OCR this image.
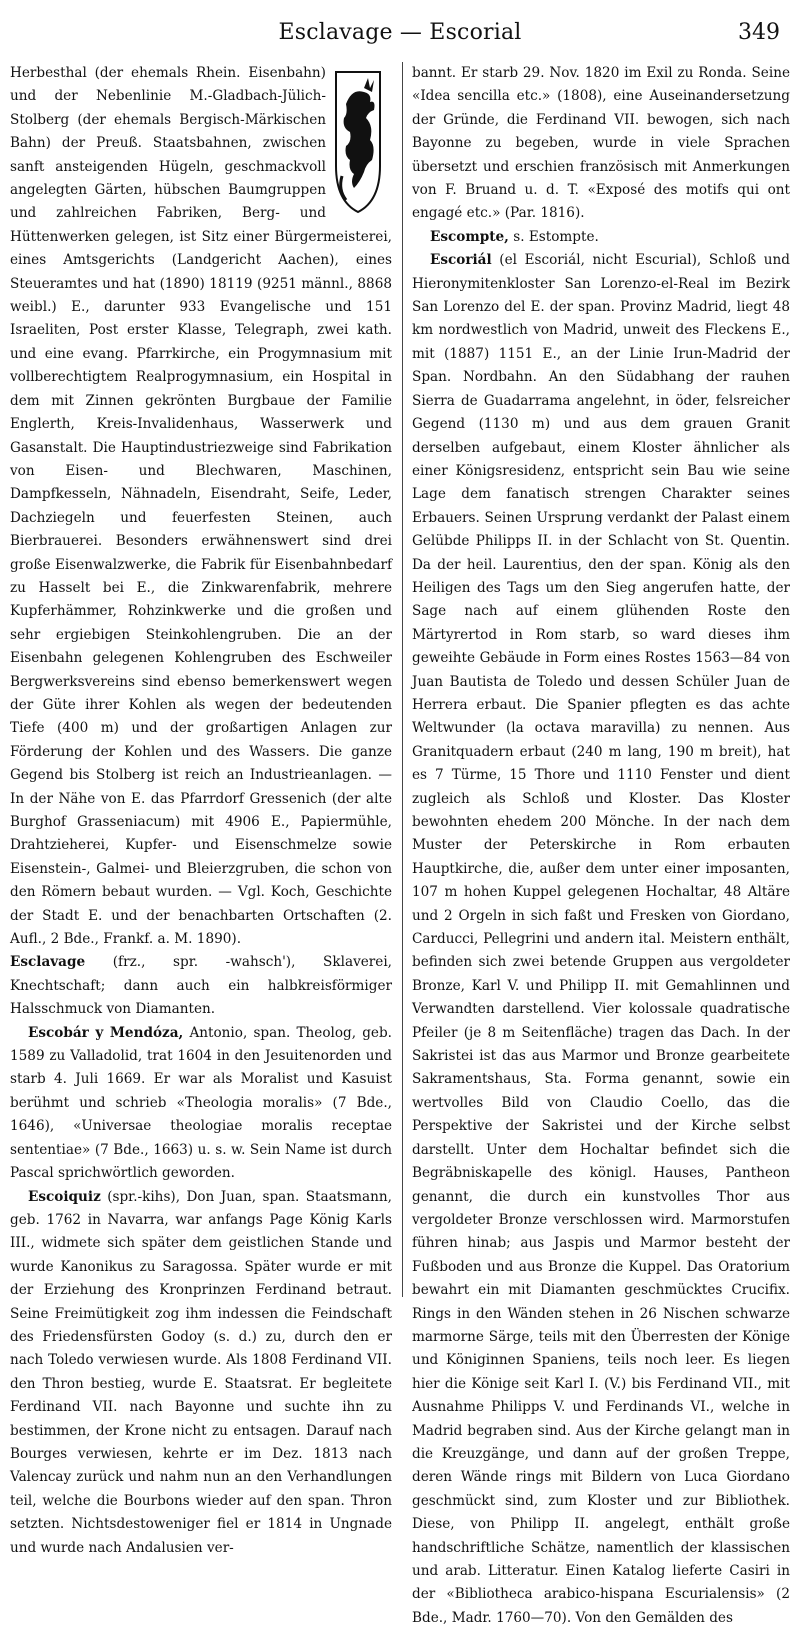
Esclavage — Escorial	349

Herbesthal (der ehemals Rhein. Eisenbahn) und der Nebenlinie M.-Gladbach-Jülich-Stolberg (der ehemals Bergisch-Märkischen Bahn) der Preuß. Staatsbahnen, zwischen sanft ansteigenden Hügeln, geschmackvoll angelegten Gärten, hübschen Baumgruppen und zahlreichen Fabriken, Berg- und Hüttenwerken gelegen, ist Sitz einer Bürgermeisterei, eines Amtsgerichts (Landgericht Aachen), eines Steueramtes und hat (1890) 18119 (9251 männl., 8868 weibl.) E., darunter 933 Evangelische und 151 Israeliten, Post erster Klasse, Telegraph, zwei kath. und eine evang. Pfarrkirche, ein Progymnasium mit vollberechtigtem Realprogymnasium, ein Hospital in dem mit Zinnen gekrönten Burgbaue der Familie Englerth, Kreis-Invalidenhaus, Wasserwerk und Gasanstalt. Die Hauptindustriezweige sind Fabrikation von Eisen- und Blechwaren, Maschinen, Dampfkesseln, Nähnadeln, Eisendraht, Seife, Leder, Dachziegeln und feuerfesten Steinen, auch Bierbrauerei. Besonders erwähnenswert sind drei große Eisenwalzwerke, die Fabrik für Eisenbahnbedarf zu Hasselt bei E., die Zinkwarenfabrik, mehrere Kupferhämmer, Rohzinkwerke und die großen und sehr ergiebigen Steinkohlengruben. Die an der Eisenbahn gelegenen Kohlengruben des Eschweiler Bergwerksvereins sind ebenso bemerkenswert wegen der Güte ihrer Kohlen als wegen der bedeutenden Tiefe (400 m) und der großartigen Anlagen zur Förderung der Kohlen und des Wassers. Die ganze Gegend bis Stolberg ist reich an Industrieanlagen. — In der Nähe von E. das Pfarrdorf Gressenich (der alte Burghof Grasseniacum) mit 4906 E., Papiermühle, Drahtzieherei, Kupfer- und Eisenschmelze sowie Eisenstein-, Galmei- und Bleierzgruben, die schon von den Römern bebaut wurden. — Vgl. Koch, Geschichte der Stadt E. und der benachbarten Ortschaften (2. Aufl., 2 Bde., Frankf. a. M. 1890).

Esclavage (frz., spr. -wahsch'), Sklaverei, Knechtschaft; dann auch ein halbkreisförmiger Halsschmuck von Diamanten.

Escobár y Mendóza, Antonio, span. Theolog, geb. 1589 zu Valladolid, trat 1604 in den Jesuitenorden und starb 4. Juli 1669. Er war als Moralist und Kasuist berühmt und schrieb «Theologia moralis» (7 Bde., 1646), «Universae theologiae moralis receptae sententiae» (7 Bde., 1663) u. s. w. Sein Name ist durch Pascal sprichwörtlich geworden.

Escoiquiz (spr.-kihs), Don Juan, span. Staatsmann, geb. 1762 in Navarra, war anfangs Page König Karls III., widmete sich später dem geistlichen Stande und wurde Kanonikus zu Saragossa. Später wurde er mit der Erziehung des Kronprinzen Ferdinand betraut. Seine Freimütigkeit zog ihm indessen die Feindschaft des Friedensfürsten Godoy (s. d.) zu, durch den er nach Toledo verwiesen wurde. Als 1808 Ferdinand VII. den Thron bestieg, wurde E. Staatsrat. Er begleitete Ferdinand VII. nach Bayonne und suchte ihn zu bestimmen, der Krone nicht zu entsagen. Darauf nach Bourges verwiesen, kehrte er im Dez. 1813 nach Valencay zurück und nahm nun an den Verhandlungen teil, welche die Bourbons wieder auf den span. Thron setzten. Nichtsdestoweniger fiel er 1814 in Ungnade und wurde nach Andalusien ver-

bannt. Er starb 29. Nov. 1820 im Exil zu Ronda. Seine «Idea sencilla etc.» (1808), eine Auseinandersetzung der Gründe, die Ferdinand VII. bewogen, sich nach Bayonne zu begeben, wurde in viele Sprachen übersetzt und erschien französisch mit Anmerkungen von F. Bruand u. d. T. «Exposé des motifs qui ont engagé etc.» (Par. 1816).

Escompte, s. Estompte.

Escoriál (el Escoriál, nicht Escurial), Schloß und Hieronymitenkloster San Lorenzo-el-Real im Bezirk San Lorenzo del E. der span. Provinz Madrid, liegt 48 km nordwestlich von Madrid, unweit des Fleckens E., mit (1887) 1151 E., an der Linie Irun-Madrid der Span. Nordbahn. An den Südabhang der rauhen Sierra de Guadarrama angelehnt, in öder, felsreicher Gegend (1130 m) und aus dem grauen Granit derselben aufgebaut, einem Kloster ähnlicher als einer Königsresidenz, entspricht sein Bau wie seine Lage dem fanatisch strengen Charakter seines Erbauers. Seinen Ursprung verdankt der Palast einem Gelübde Philipps II. in der Schlacht von St. Quentin. Da der heil. Laurentius, den der span. König als den Heiligen des Tags um den Sieg angerufen hatte, der Sage nach auf einem glühenden Roste den Märtyrertod in Rom starb, so ward dieses ihm geweihte Gebäude in Form eines Rostes 1563—84 von Juan Bautista de Toledo und dessen Schüler Juan de Herrera erbaut. Die Spanier pflegten es das achte Weltwunder (la octava maravilla) zu nennen. Aus Granitquadern erbaut (240 m lang, 190 m breit), hat es 7 Türme, 15 Thore und 1110 Fenster und dient zugleich als Schloß und Kloster. Das Kloster bewohnten ehedem 200 Mönche. In der nach dem Muster der Peterskirche in Rom erbauten Hauptkirche, die, außer dem unter einer imposanten, 107 m hohen Kuppel gelegenen Hochaltar, 48 Altäre und 2 Orgeln in sich faßt und Fresken von Giordano, Carducci, Pellegrini und andern ital. Meistern enthält, befinden sich zwei betende Gruppen aus vergoldeter Bronze, Karl V. und Philipp II. mit Gemahlinnen und Verwandten darstellend. Vier kolossale quadratische Pfeiler (je 8 m Seitenfläche) tragen das Dach. In der Sakristei ist das aus Marmor und Bronze gearbeitete Sakramentshaus, Sta. Forma genannt, sowie ein wertvolles Bild von Claudio Coello, das die Perspektive der Sakristei und der Kirche selbst darstellt. Unter dem Hochaltar befindet sich die Begräbniskapelle des königl. Hauses, Pantheon genannt, die durch ein kunstvolles Thor aus vergoldeter Bronze verschlossen wird. Marmorstufen führen hinab; aus Jaspis und Marmor besteht der Fußboden und aus Bronze die Kuppel. Das Oratorium bewahrt ein mit Diamanten geschmücktes Crucifix. Rings in den Wänden stehen in 26 Nischen schwarze marmorne Särge, teils mit den Überresten der Könige und Königinnen Spaniens, teils noch leer. Es liegen hier die Könige seit Karl I. (V.) bis Ferdinand VII., mit Ausnahme Philipps V. und Ferdinands VI., welche in Madrid begraben sind. Aus der Kirche gelangt man in die Kreuzgänge, und dann auf der großen Treppe, deren Wände rings mit Bildern von Luca Giordano geschmückt sind, zum Kloster und zur Bibliothek. Diese, von Philipp II. angelegt, enthält große handschriftliche Schätze, namentlich der klassischen und arab. Litteratur. Einen Katalog lieferte Casiri in der «Bibliotheca arabico-hispana Escurialensis» (2 Bde., Madr. 1760—70). Von den Gemälden des
